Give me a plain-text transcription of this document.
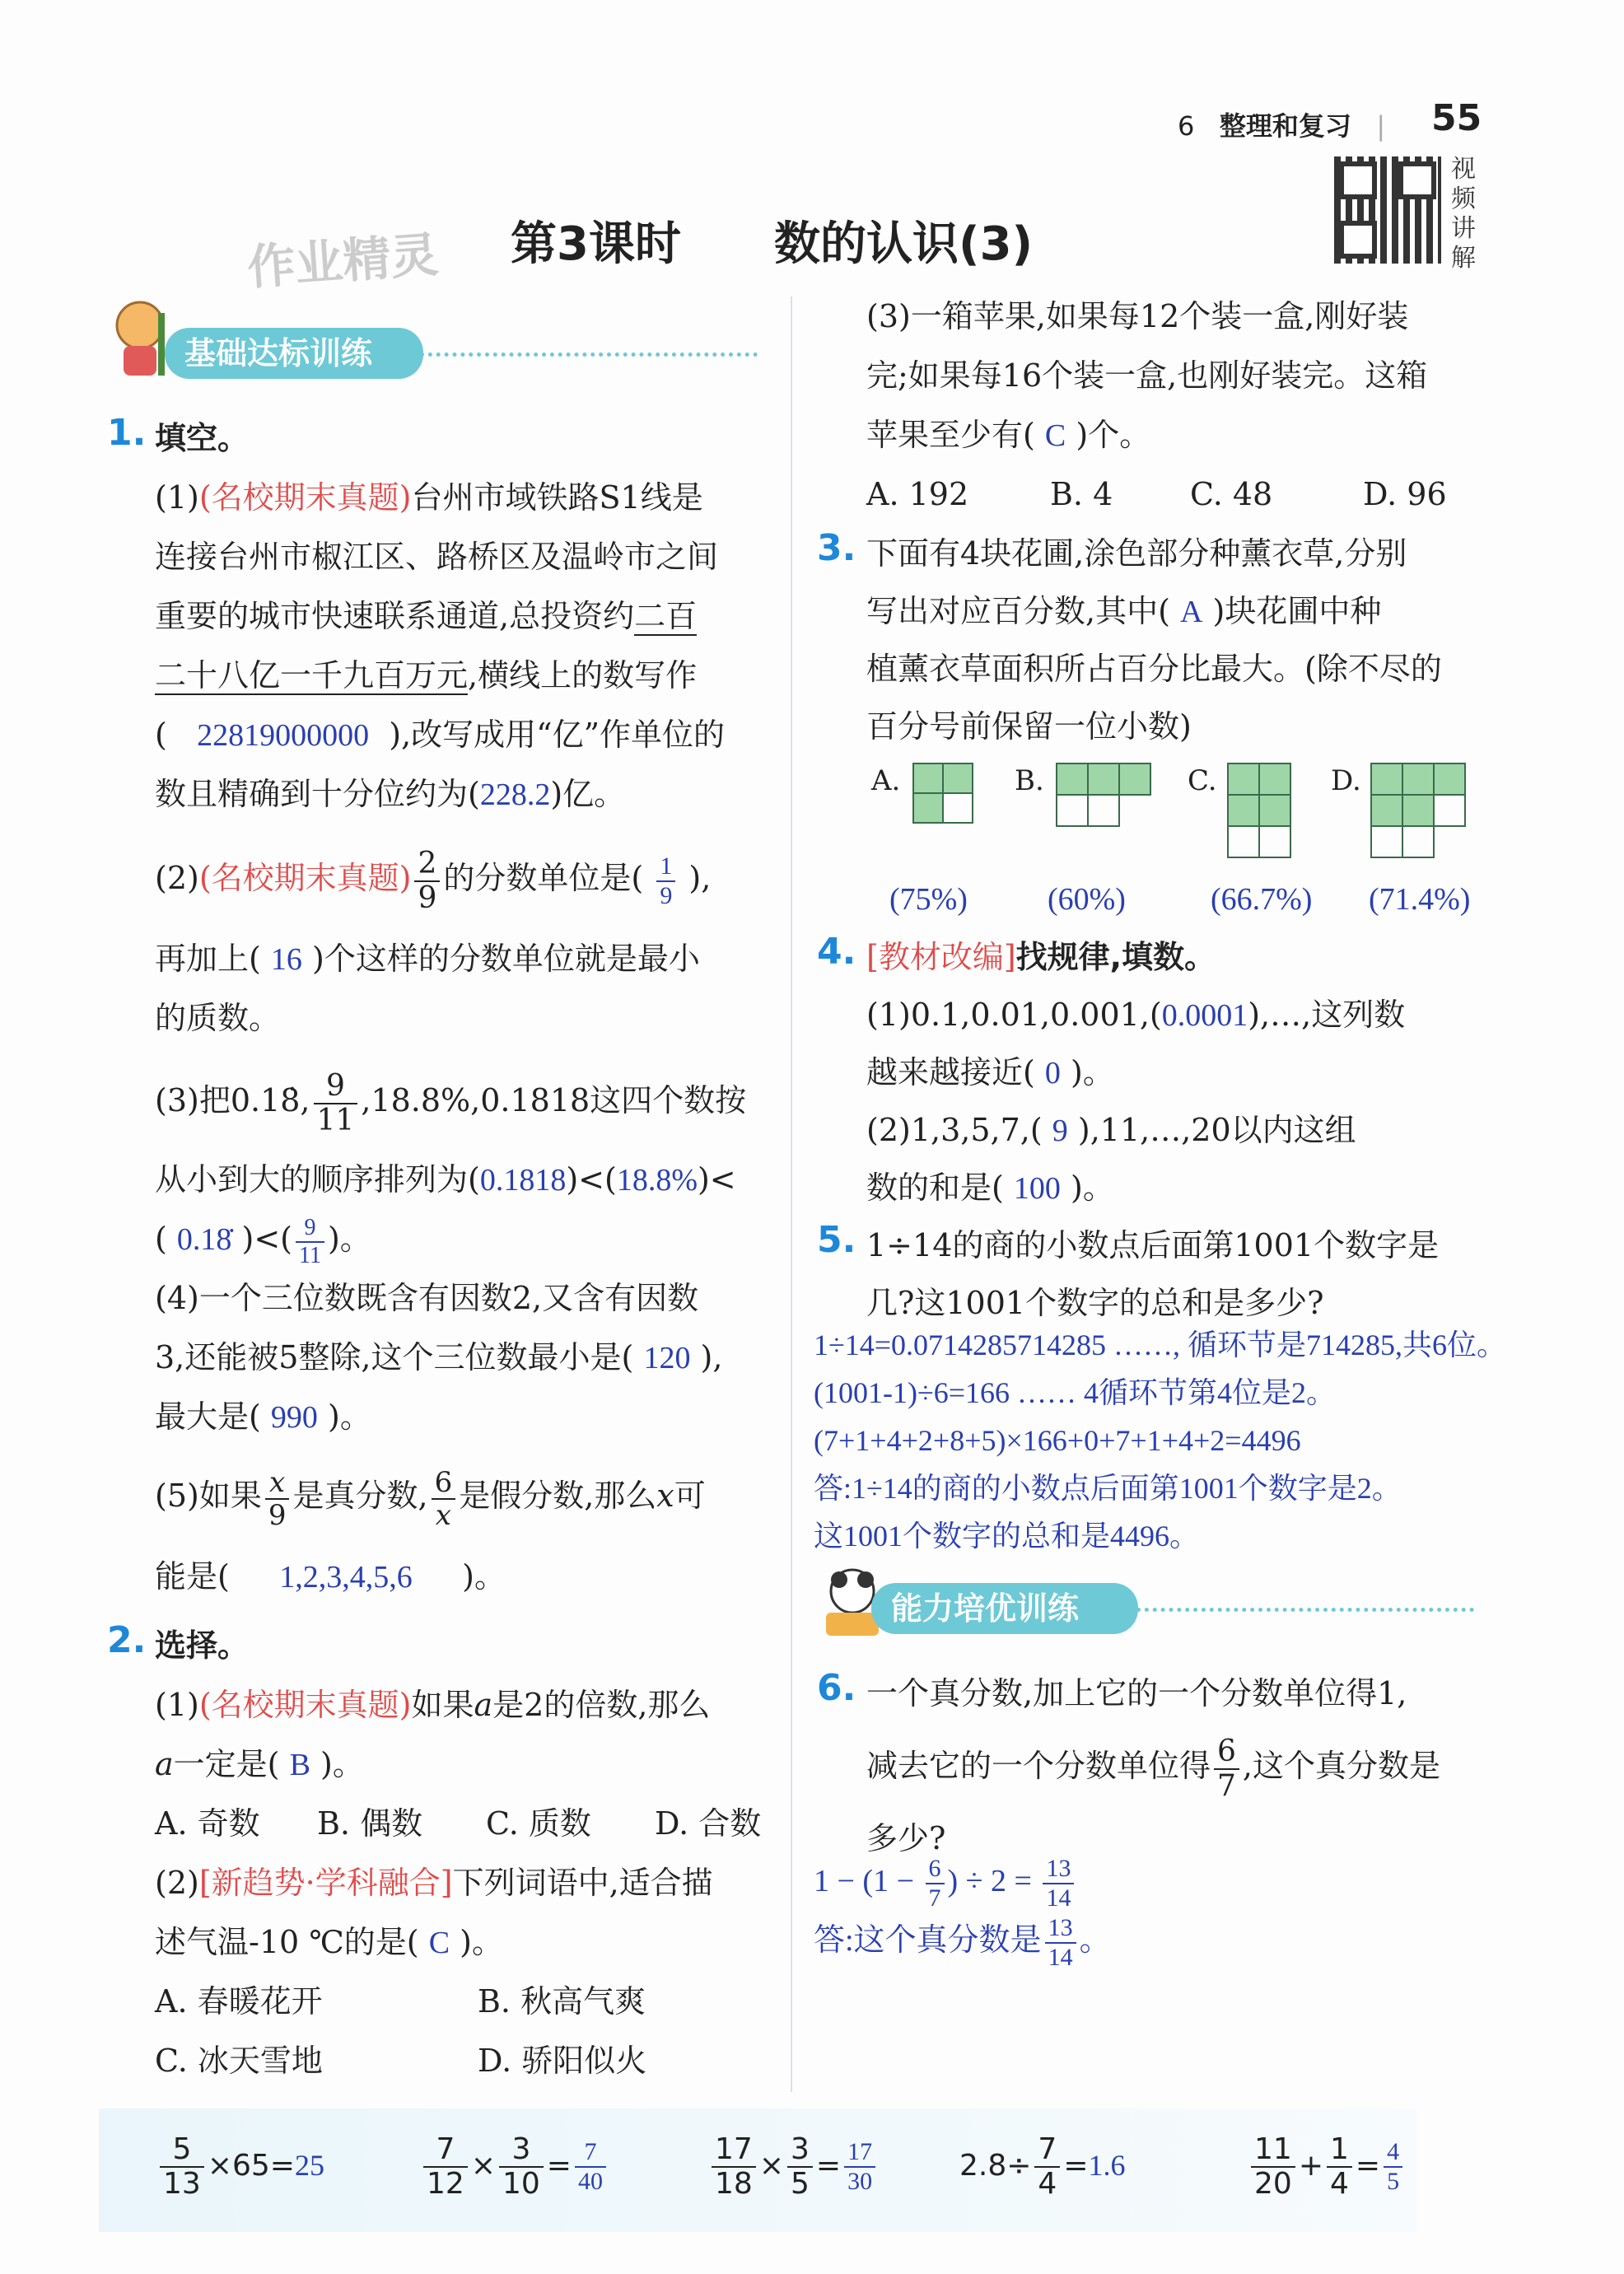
6 整理和复习   | 55
视频讲解
作业精灵 第3课时 数的认识(3)
基础达标训练
1. 填空。
(1)(名校期末真题)台州市域铁路S1线是
连接台州市椒江区、路桥区及温岭市之间
重要的城市快速联系通道,总投资约二百
二十八亿一千九百万元,横线上的数写作
( 22819000000 ),改写成用“亿”作单位的
数且精确到十分位约为(228.2)亿。
(2)(名校期末真题) $\frac{2}{9}$ 的分数单位是( $\frac{1}{9}$ ),
再加上( 16 )个这样的分数单位就是最小
的质数。
(3)把0.18̇, $\frac{9}{11} ,18.8\%,0.1818$这四个数按
从小到大的顺序排列为(0.1818)<(18.8%)<
( 0.18̇ )<( $\frac{9}{11}$ )。
(4)一个三位数既含有因数2,又含有因数
3,还能被5整除,这个三位数最小是( 120 ),
最大是( 990 )。
(5)如果 $\frac{x}{9}$ 是真分数, $\frac{6}{x}$ 是假分数,那么x可
能是( 1,2,3,4,5,6 )。
2. 选择。
(1)(名校期末真题)如果a是2的倍数,那么
a一定是( B )。
A. 奇数 B. 偶数 C. 质数 D. 合数
(2)[新趋势·学科融合]下列词语中,适合描
述气温-10 ℃的是( C )。
A. 春暖花开	B. 秋高气爽
C. 冰天雪地	D. 骄阳似火
(3)一箱苹果,如果每12个装一盒,刚好装
完;如果每16个装一盒,也刚好装完。这箱
苹果至少有( C )个。
A. 192	B. 4 C. 48	D. 96
3. 下面有4块花圃,涂色部分种薰衣草,分别
写出对应百分数,其中( A )块花圃中种
植薰衣草面积所占百分比最大。(除不尽的
百分号前保留一位小数)
A.	B.	C.	D.
(75%)	(60%)	(66.7%) (71.4%)
4. [教材改编]找规律,填数。
(1)0.1,0.01,0.001,(0.0001),…,这列数
越来越接近( 0 )。
(2)1,3,5,7,( 9 ),11,…,20以内这组
数的和是( 100 )。
5. 1÷14的商的小数点后面第1001个数字是
几?这1001个数字的总和是多少?
1÷14=0.0714285714285 ……, 循环节是714285,共6位。
(1001-1)÷6=166 …… 4循环节第4位是2。
(7+1+4+2+8+5)×166+0+7+1+4+2=4496
答:1÷14的商的小数点后面第1001个数字是2。
这1001个数字的总和是4496。
能力培优训练
6. 一个真分数,加上它的一个分数单位得1,
减去它的一个分数单位得 $\frac{6}{7}$ ,这个真分数是
多少?
$1 - (1 - \frac{6}{7}$ ) ÷ $2 = \frac{13}{14}$
答:这个真分数是 $\frac{13}{14}$ 。
$\frac{5}{13} \times 65=25$	$\frac{7}{12} \times \frac{3}{10} = \frac{7}{40}$	$\frac{17}{18} \times \frac{3}{5} = \frac{17}{30}$	$2.8\div \frac{7}{4} =1.6$	$\frac{11}{20} + \frac{1}{4} = \frac{4}{5}$
